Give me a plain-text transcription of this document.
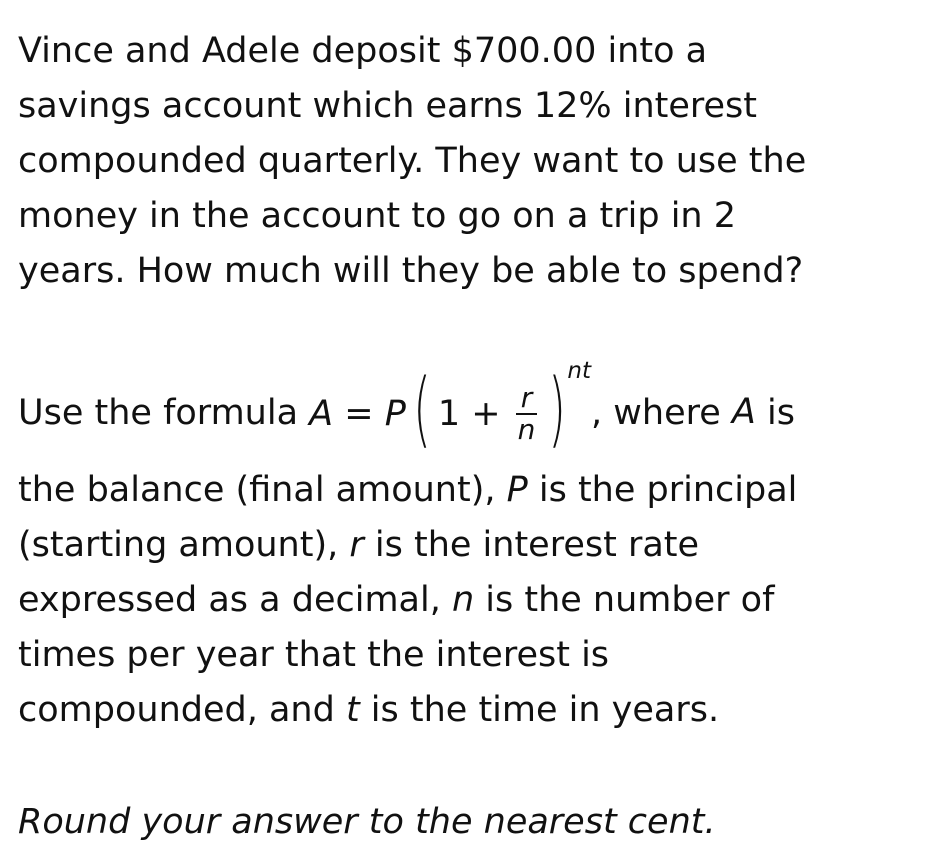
Vince and Adele deposit $700.00 into a

savings account which earns 12% interest

compounded quarterly. They want to use the

money in the account to go on a trip in 2

years. How much will they be able to spend?

Use the formula A = P( $1 + \frac{r}{n} )nt$, where A is

the balance (final amount), P is the principal

(starting amount), r is the interest rate

expressed as a decimal, n is the number of

times per year that the interest is

compounded, and t is the time in years.

Round your answer to the nearest cent.
